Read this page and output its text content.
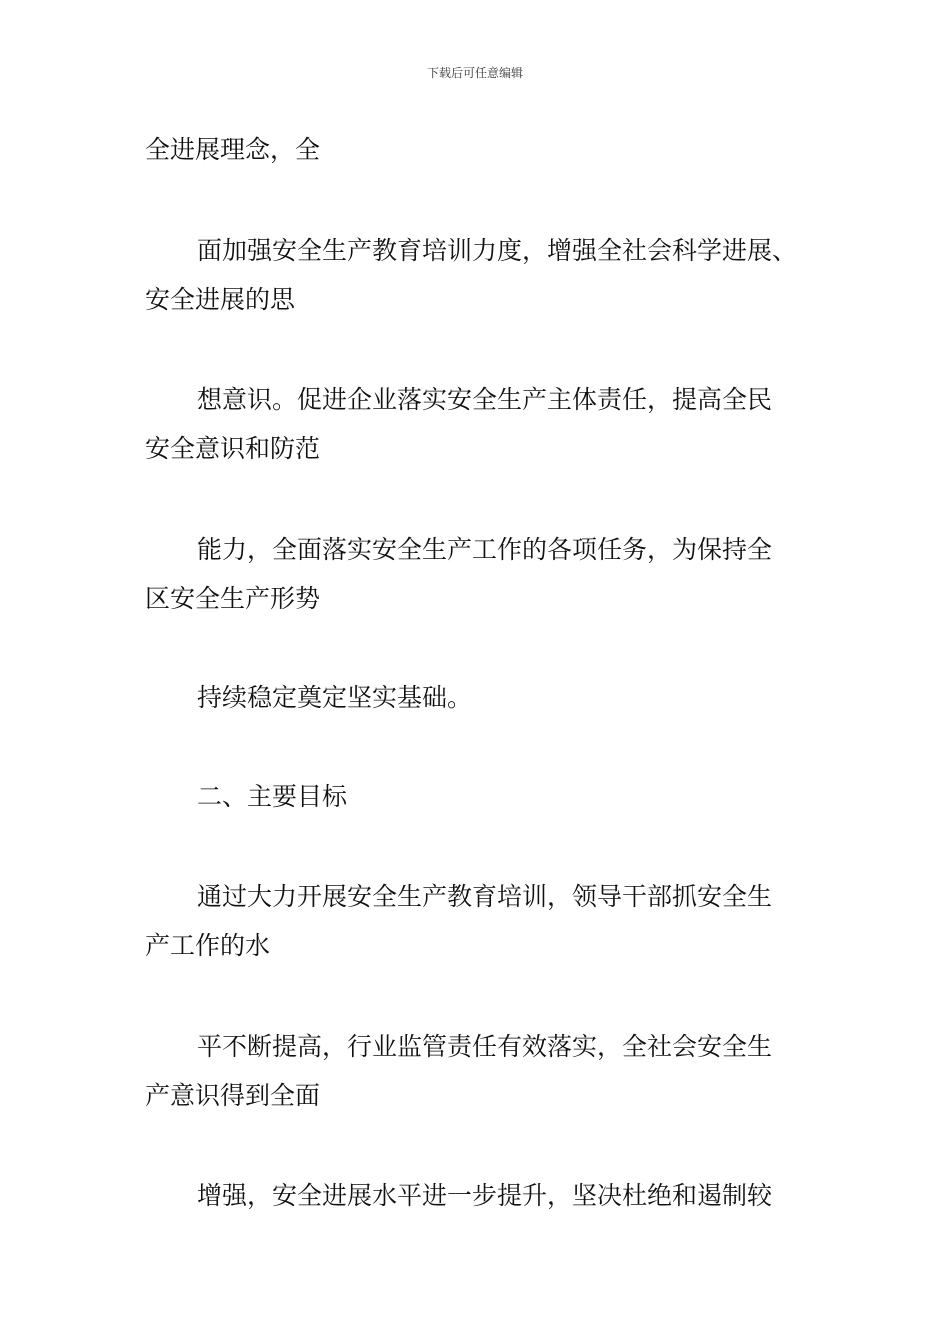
下载后可任意编辑

全进展理念，全

面加强安全生产教育培训力度，增强全社会科学进展、
安全进展的思

想意识。促进企业落实安全生产主体责任，提高全民
安全意识和防范

能力，全面落实安全生产工作的各项任务，为保持全
区安全生产形势

持续稳定奠定坚实基础。

二、主要目标

通过大力开展安全生产教育培训，领导干部抓安全生
产工作的水

平不断提高，行业监管责任有效落实，全社会安全生
产意识得到全面

增强，安全进展水平进一步提升，坚决杜绝和遏制较
